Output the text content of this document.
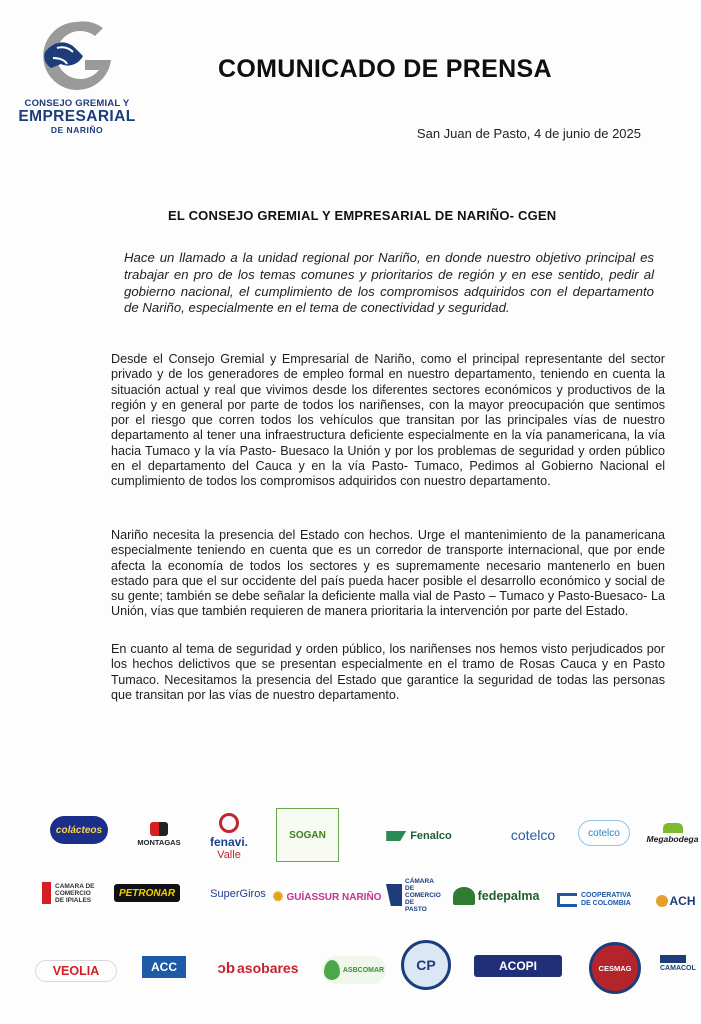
CONSEJO GREMIAL Y
EMPRESARIAL
DE NARIÑO
COMUNICADO DE PRENSA
San Juan de Pasto, 4 de junio de 2025
EL CONSEJO GREMIAL Y EMPRESARIAL DE NARIÑO- CGEN

Hace un llamado a la unidad regional por Nariño, en donde nuestro objetivo principal es trabajar en pro de los temas comunes y prioritarios de región y en ese sentido, pedir al gobierno nacional, el cumplimiento de los compromisos adquiridos con el departamento de Nariño, especialmente en el tema de conectividad y seguridad.

Desde el Consejo Gremial y Empresarial de Nariño, como el principal representante del sector privado y de los generadores de empleo formal en nuestro departamento, teniendo en cuenta la situación actual y real que vivimos desde los diferentes sectores económicos y productivos de la región y en general por parte de todos los nariñenses, con la mayor preocupación que sentimos por el riesgo que corren todos los vehículos que transitan por las principales vías de nuestro departamento al tener una infraestructura deficiente especialmente en la vía panamericana, la vía hacia Tumaco y la vía Pasto- Buesaco la Unión y por los problemas de seguridad y orden público en el departamento del Cauca y en la vía Pasto- Tumaco, Pedimos al Gobierno Nacional el cumplimiento de todos los compromisos adquiridos con nuestro departamento.

Nariño necesita la presencia del Estado con hechos. Urge el mantenimiento de la panamericana especialmente teniendo en cuenta que es un corredor de transporte internacional, que por ende afecta la economía de todos los sectores y es supremamente necesario mantenerlo en buen estado para que el sur occidente del país pueda hacer posible el desarrollo económico y social de su gente; también se debe señalar la deficiente malla vial de Pasto – Tumaco y Pasto-Buesaco- La Unión, vías que también requieren de manera prioritaria la intervención por parte del Estado.

En cuanto al tema de seguridad y orden público, los nariñenses nos hemos visto perjudicados por los hechos delictivos que se presentan especialmente en el tramo de Rosas Cauca y en Pasto Tumaco. Necesitamos la presencia del Estado que garantice la seguridad de todas las personas que transitan por las vías de nuestro departamento.

colácteos
MONTAGAS fenavi.
Valle
SOGAN	Fenalco	cotelco	cotelco	Megabodega
CAMARA DE COMERCIO DE IPIALES
PETRONAR	SuperGiros ✺ GUÍASSUR NARIÑO
CÁMARA DE COMERCIO DE PASTO
fedepalma	COOPERATIVA DE COLOMBIA	ACH
VEOLIA	ACC	ↄb asobares	ASBCOMAR CP	ACOPI	CESMAG	CAMACOL
